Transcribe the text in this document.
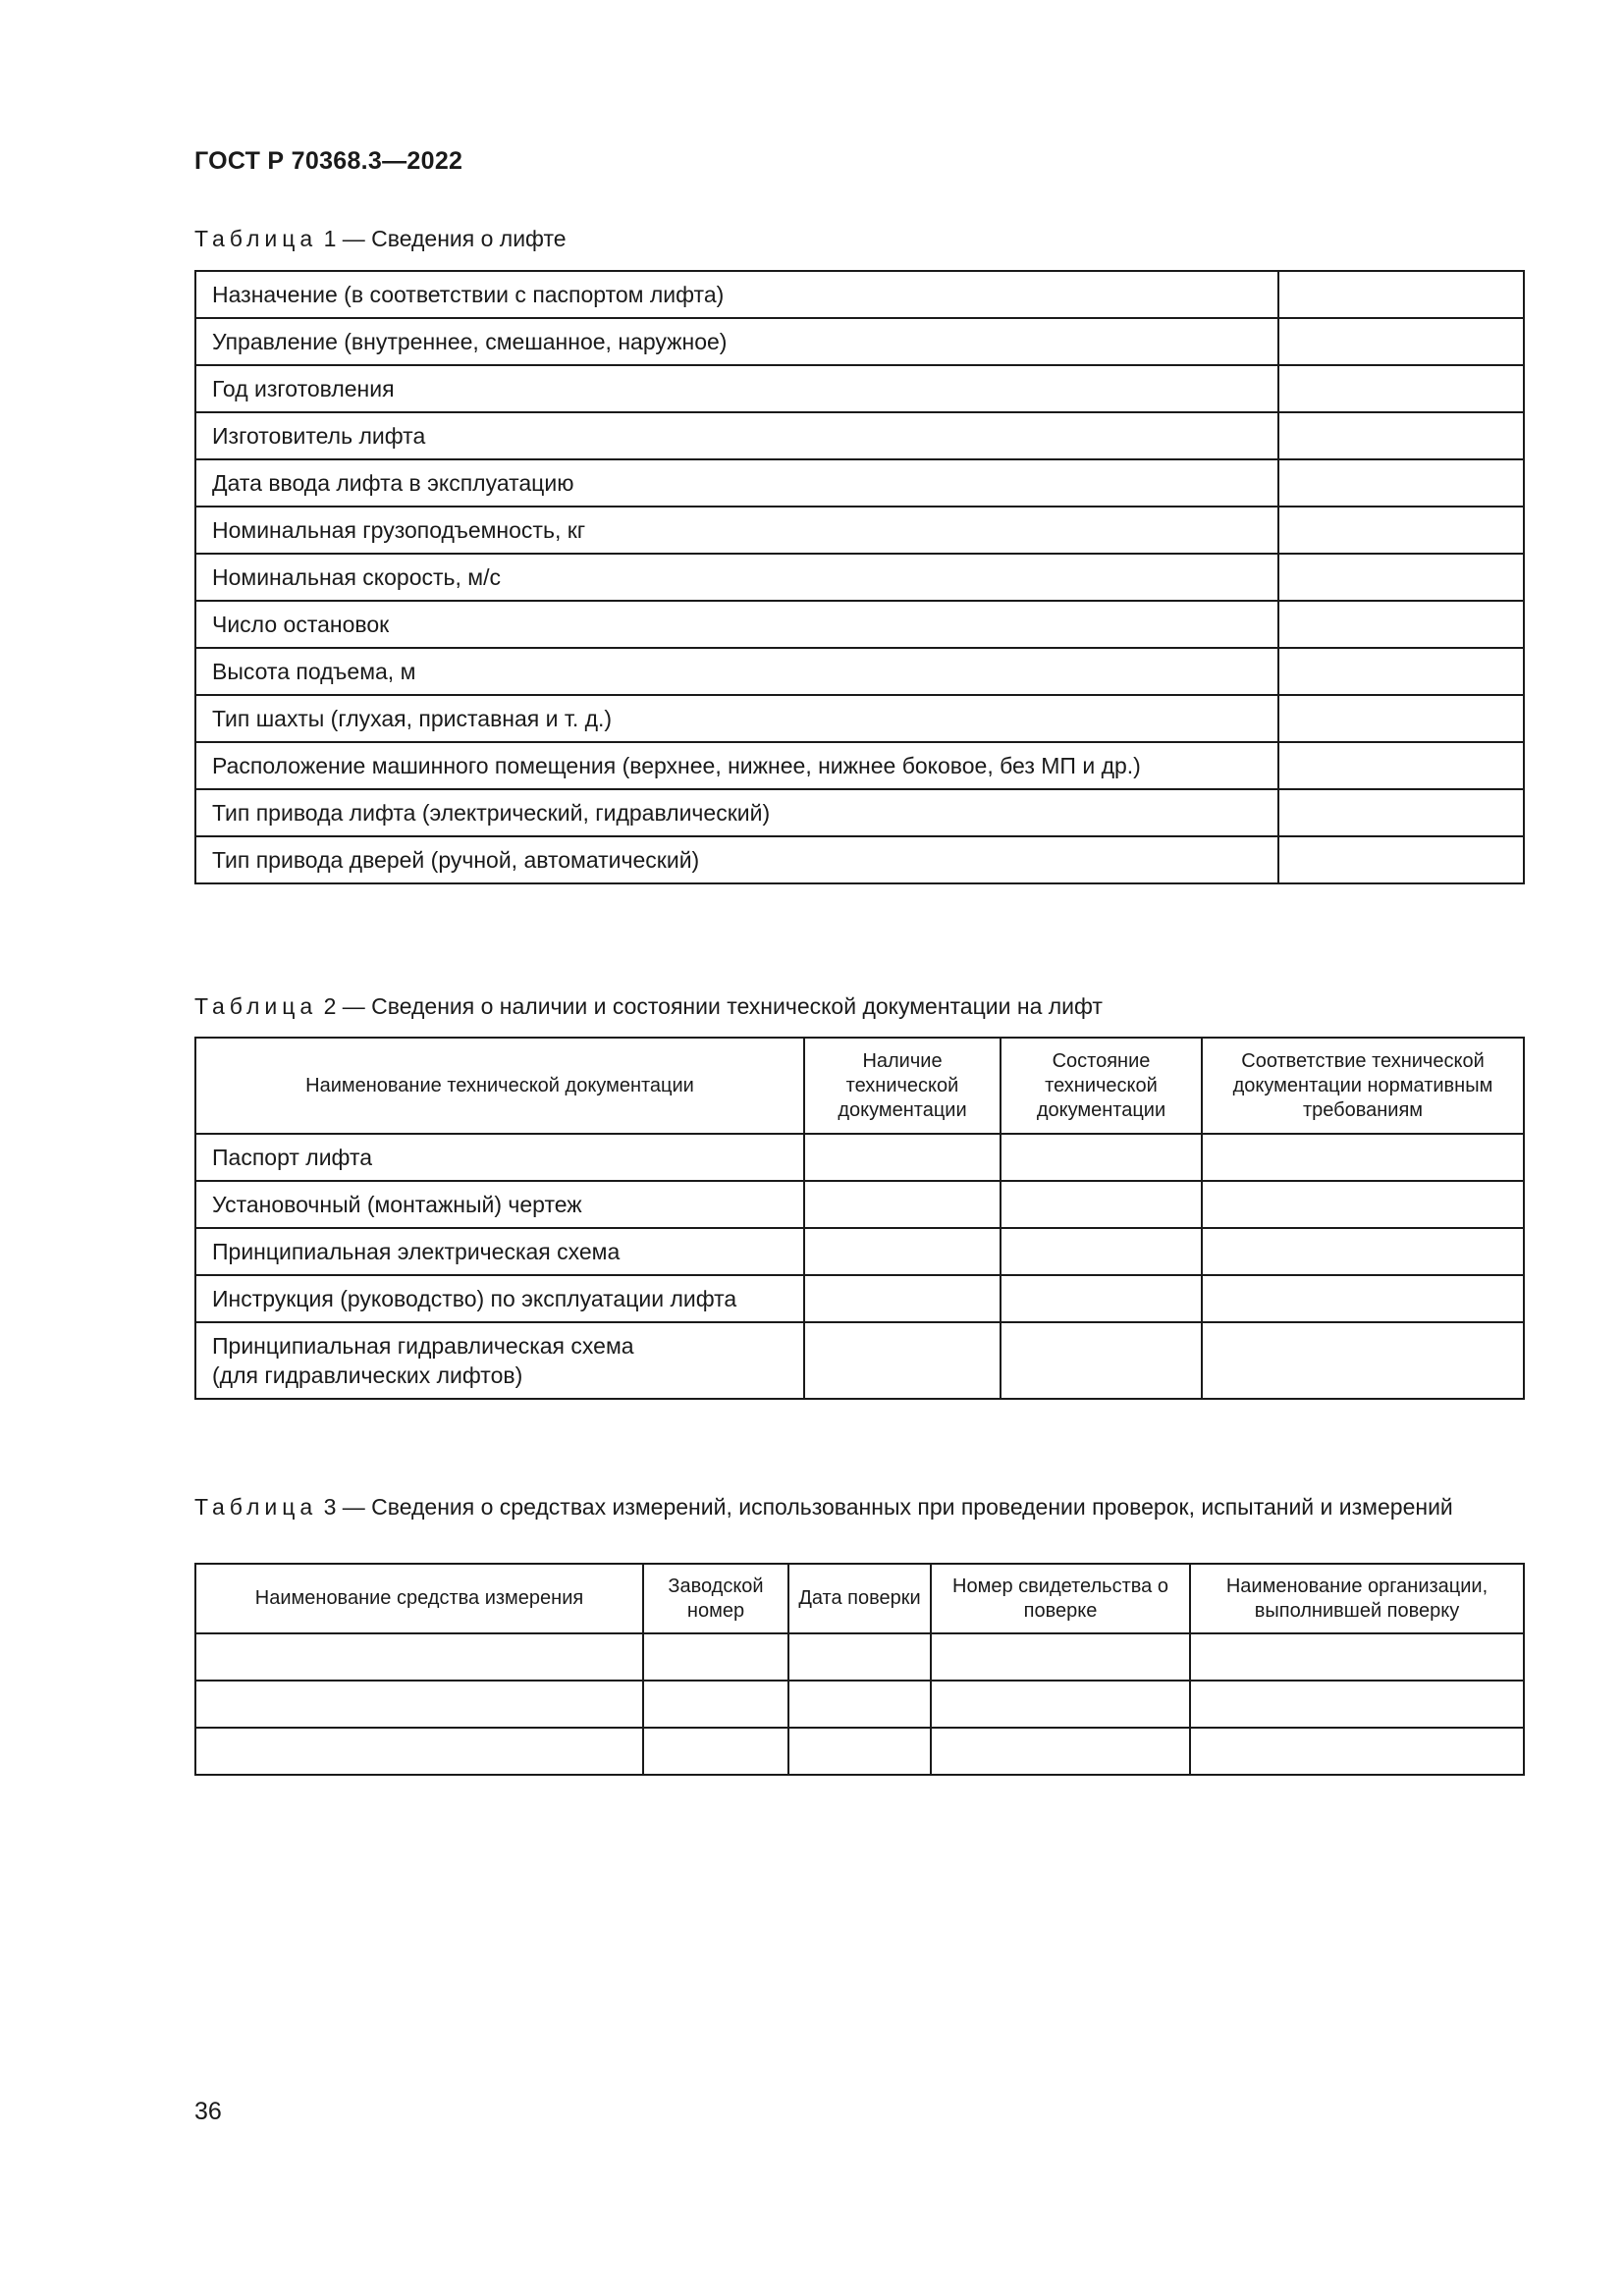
ГОСТ Р 70368.3—2022
Таблица 1 — Сведения о лифте
Назначение (в соответствии с паспортом лифта)	
Управление (внутреннее, смешанное, наружное)	
Год изготовления	
Изготовитель лифта	
Дата ввода лифта в эксплуатацию	
Номинальная грузоподъемность, кг	
Номинальная скорость, м/с	
Число остановок	
Высота подъема, м	
Тип шахты (глухая, приставная и т. д.)	
Расположение машинного помещения (верхнее, нижнее, нижнее боковое, без МП и др.)	
Тип привода лифта (электрический, гидравлический)	
Тип привода дверей (ручной, автоматический)	
Таблица 2 — Сведения о наличии и состоянии технической документации на лифт
Наименование технической документации	Наличие технической документации	Состояние технической документации	Соответствие технической документации нормативным требованиям
Паспорт лифта			
Установочный (монтажный) чертеж			
Принципиальная электрическая схема			
Инструкция (руководство) по эксплуатации лифта			
Принципиальная гидравлическая схема
(для гидравлических лифтов)			
Таблица 3 — Сведения о средствах измерений, использованных при проведении проверок, испытаний и измерений
Наименование средства измерения	Заводской номер	Дата поверки	Номер свидетельства о поверке	Наименование организации, выполнившей поверку

36
